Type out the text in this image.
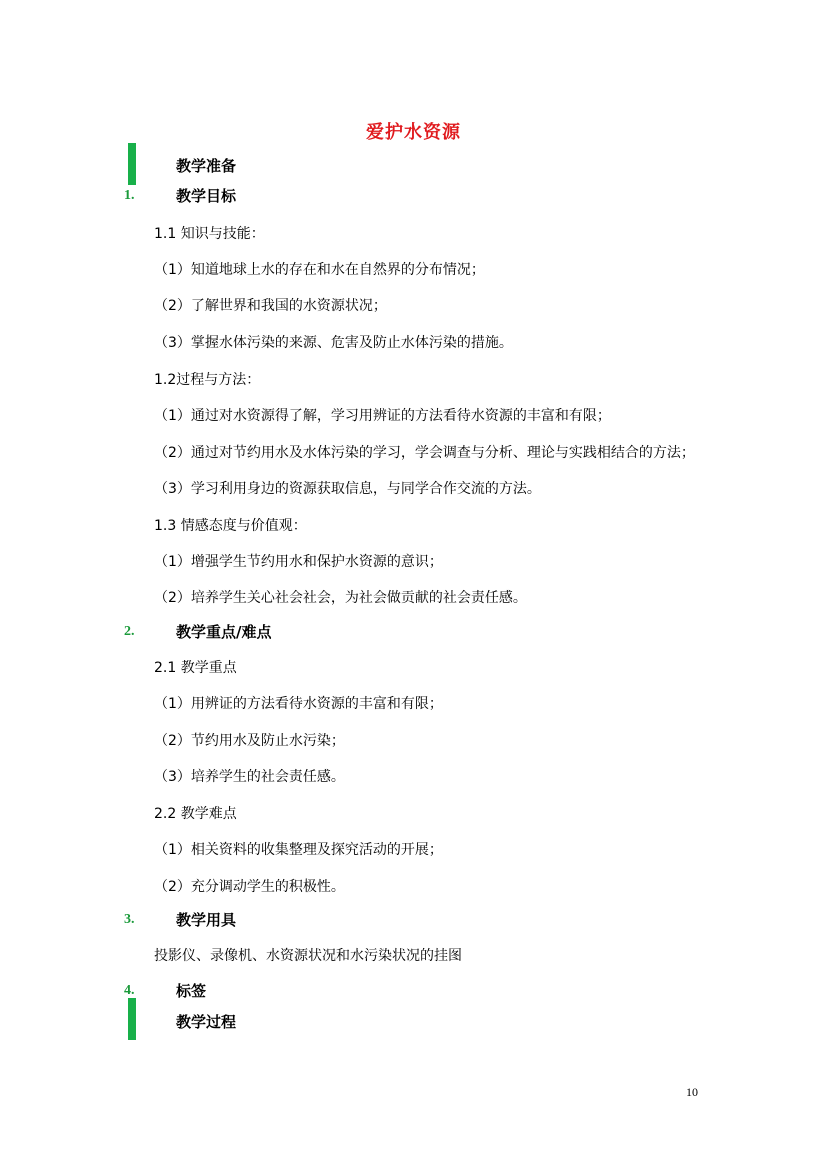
爱护水资源
教学准备
1.	教学目标
1.1 知识与技能：
（1）知道地球上水的存在和水在自然界的分布情况；
（2）了解世界和我国的水资源状况；
（3）掌握水体污染的来源、危害及防止水体污染的措施。
1.2过程与方法：
（1）通过对水资源得了解，学习用辨证的方法看待水资源的丰富和有限；
（2）通过对节约用水及水体污染的学习，学会调查与分析、理论与实践相结合的方法；
（3）学习利用身边的资源获取信息，与同学合作交流的方法。
1.3 情感态度与价值观：
（1）增强学生节约用水和保护水资源的意识；
（2）培养学生关心社会社会，为社会做贡献的社会责任感。
2.	教学重点/难点
2.1 教学重点
（1）用辨证的方法看待水资源的丰富和有限；
（2）节约用水及防止水污染；
（3）培养学生的社会责任感。
2.2 教学难点
（1）相关资料的收集整理及探究活动的开展；
（2）充分调动学生的积极性。
3.	教学用具
投影仪、录像机、水资源状况和水污染状况的挂图
4.	标签
教学过程
10
